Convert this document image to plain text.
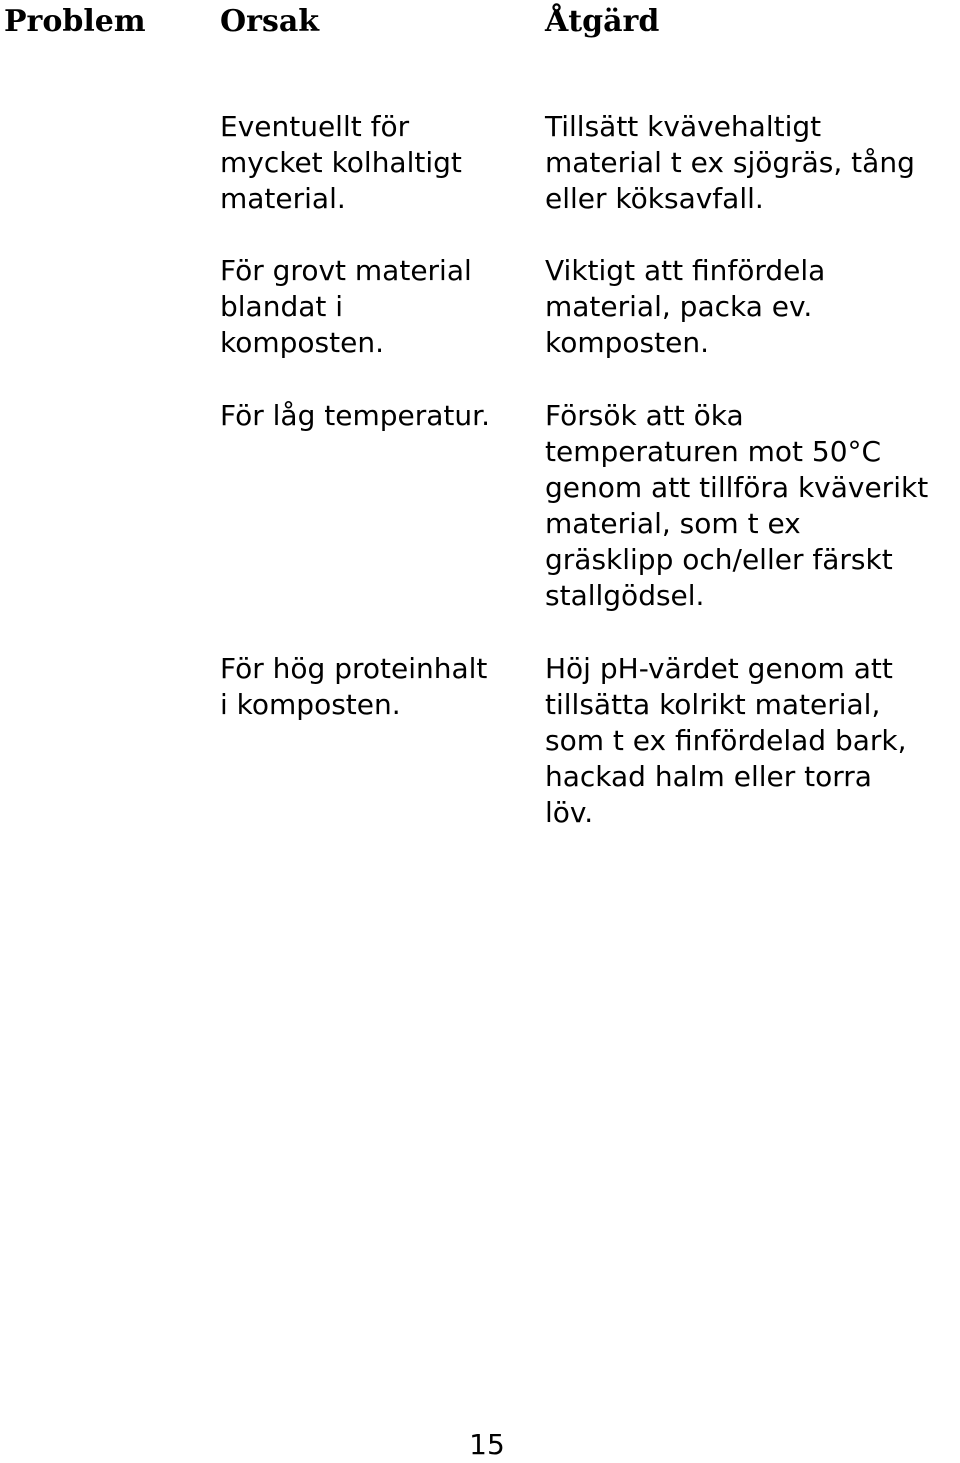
Problem Orsak	Åtgärd
Eventuellt för
mycket kolhaltigt
material.
Tillsätt kvävehaltigt
material t ex sjögräs, tång
eller köksavfall.
För grovt material
blandat i
komposten.
Viktigt att finfördela
material, packa ev.
komposten.
För låg temperatur.	Försök att öka
temperaturen mot 50°C
genom att tillföra kväverikt
material, som t ex
gräsklipp och/eller färskt
stallgödsel.
För hög proteinhalt
i komposten.
Höj pH-värdet genom att
tillsätta kolrikt material,
som t ex finfördelad bark,
hackad halm eller torra
löv.
15
